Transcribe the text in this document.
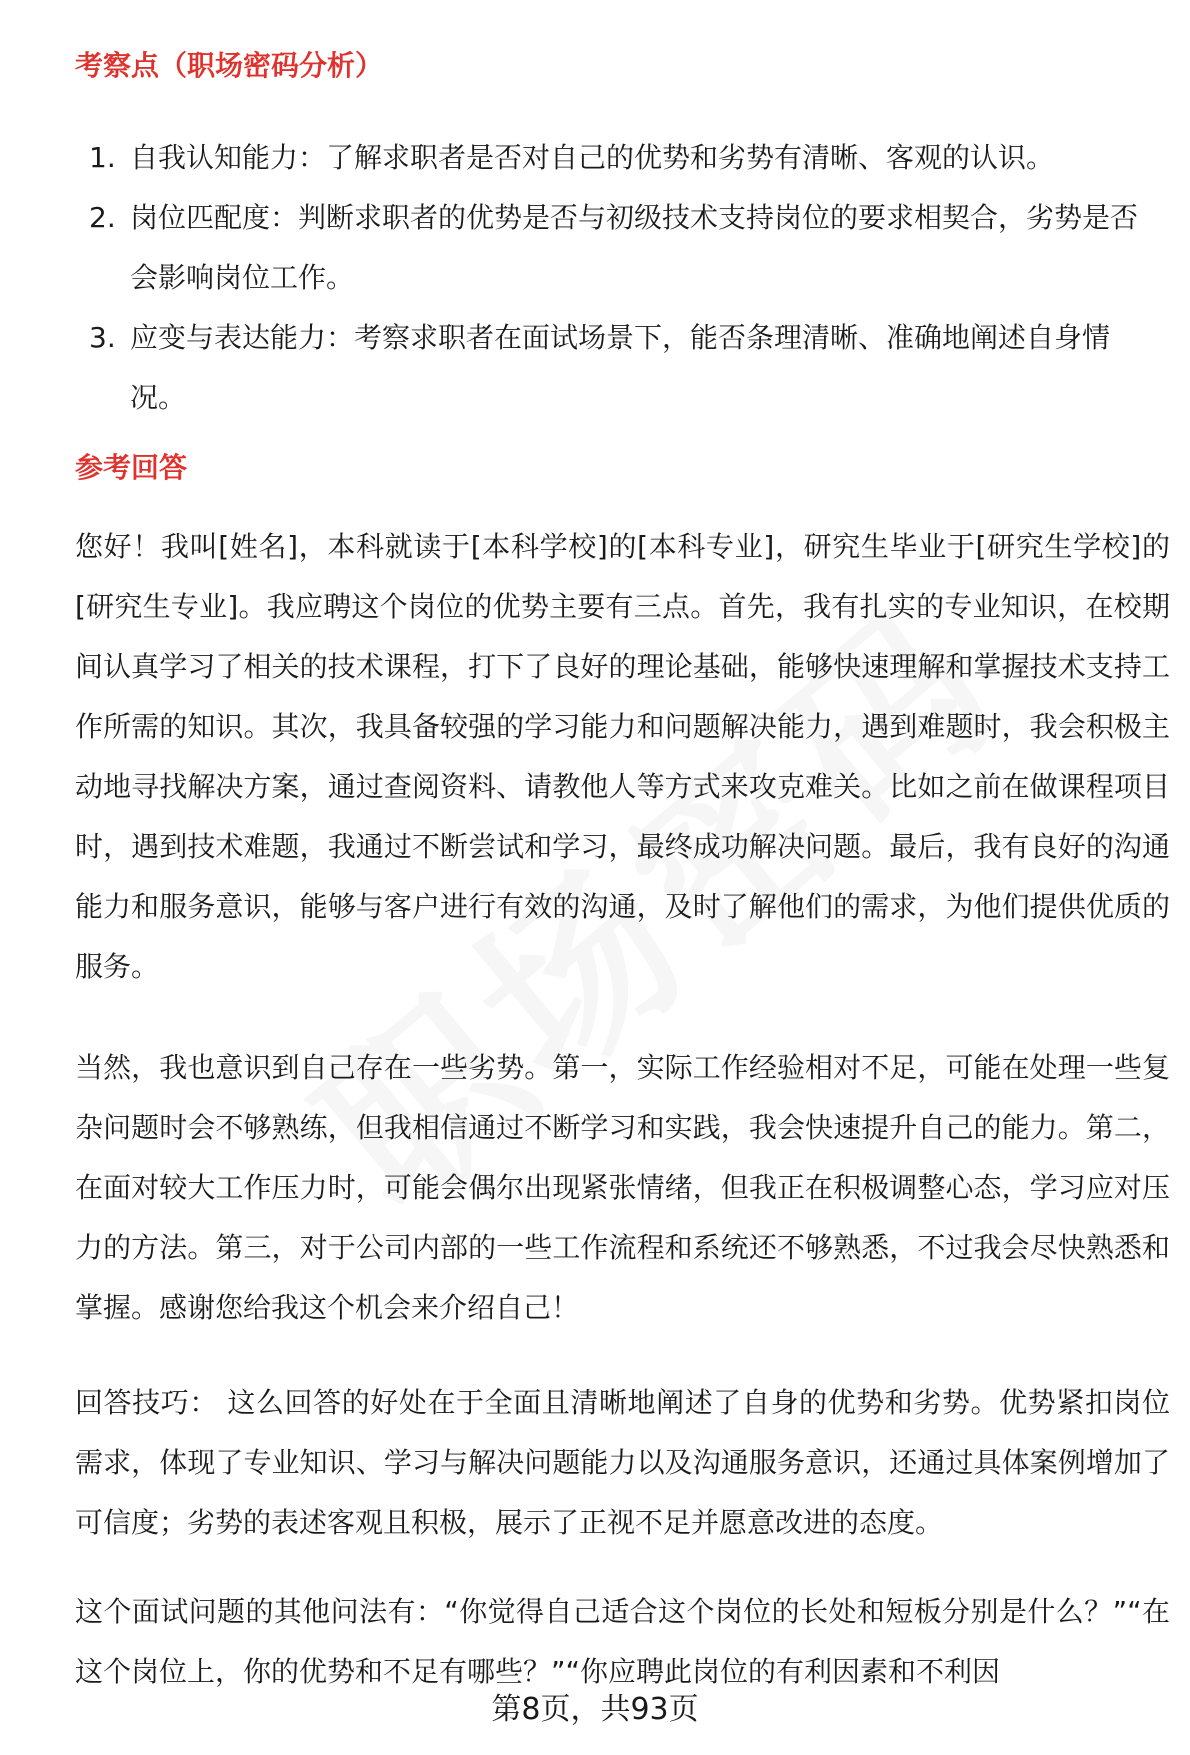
考察点（职场密码分析）
1. 自我认知能力：了解求职者是否对自己的优势和劣势有清晰、客观的认识。
2. 岗位匹配度：判断求职者的优势是否与初级技术支持岗位的要求相契合，劣势是否会影响岗位工作。
3. 应变与表达能力：考察求职者在面试场景下，能否条理清晰、准确地阐述自身情况。
参考回答

您好！我叫[姓名]，本科就读于[本科学校]的[本科专业]，研究生毕业于[研究生学校]的[研究生专业]。我应聘这个岗位的优势主要有三点。首先，我有扎实的专业知识，在校期间认真学习了相关的技术课程，打下了良好的理论基础，能够快速理解和掌握技术支持工作所需的知识。其次，我具备较强的学习能力和问题解决能力，遇到难题时，我会积极主动地寻找解决方案，通过查阅资料、请教他人等方式来攻克难关。比如之前在做课程项目时，遇到技术难题，我通过不断尝试和学习，最终成功解决问题。最后，我有良好的沟通能力和服务意识，能够与客户进行有效的沟通，及时了解他们的需求，为他们提供优质的服务。

当然，我也意识到自己存在一些劣势。第一，实际工作经验相对不足，可能在处理一些复杂问题时会不够熟练，但我相信通过不断学习和实践，我会快速提升自己的能力。第二，在面对较大工作压力时，可能会偶尔出现紧张情绪，但我正在积极调整心态，学习应对压力的方法。第三，对于公司内部的一些工作流程和系统还不够熟悉，不过我会尽快熟悉和掌握。感谢您给我这个机会来介绍自己！

回答技巧： 这么回答的好处在于全面且清晰地阐述了自身的优势和劣势。优势紧扣岗位需求，体现了专业知识、学习与解决问题能力以及沟通服务意识，还通过具体案例增加了可信度；劣势的表述客观且积极，展示了正视不足并愿意改进的态度。

这个面试问题的其他问法有：“你觉得自己适合这个岗位的长处和短板分别是什么？”“在这个岗位上，你的优势和不足有哪些？”“你应聘此岗位的有利因素和不利因

第8页，共93页
